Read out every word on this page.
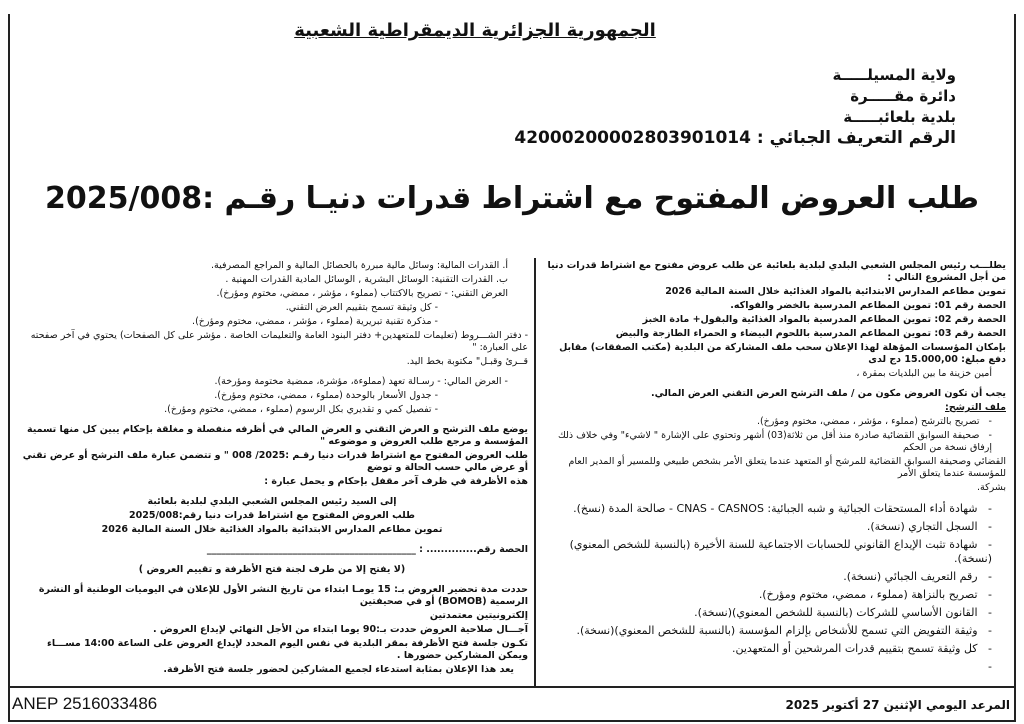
الجمهورية الجزائرية الديمقراطية الشعبية
ولاية المسيلـــــة
دائرة مقـــــرة
بلدية بلعائبـــــة
الرقم التعريف الجبائي : 42000200002803901014
طلب العروض المفتوح مع اشتراط قدرات دنيـا رقـم :2025/008
أ. القدرات المالية: وسائل مالية مبررة بالحصائل المالية و المراجع المصرفية.
ب. القدرات التقنية: الوسائل البشرية , الوسائل المادية القدرات المهنية .
العرض التقني: - تصريح بالاكتتاب (مملوء ، مؤشر ، ممضي، مختوم ومؤرخ).
- كل وثيقة تسمح بتقييم العرض التقني.
- مذكرة تقنية تبريرية (مملوء ، مؤشر ، ممضي، مختوم ومؤرخ).
- دفتر الشـــروط (تعليمات للمتعهدين+ دفتر البنود العامة والتعليمات الخاصة . مؤشر على كل الصفحات) يحتوي في آخر صفحته على العبارة: "
قــرئ وقبـل" مكتوبة بخط اليد.
- العرض المالي: - رسـالة تعهد (مملوءة، مؤشرة، ممضية مختومة ومؤرخة).
- جدول الأسعار بالوحدة (مملوء ، ممضي، مختوم ومؤرخ).
- تفصيل كمي و تقديري بكل الرسوم (مملوء ، ممضي، مختوم ومؤرخ).
يوضع ملف الترشح و العرض التقني و العرض المالي في أظرفه منفصلة و مغلقة بإحكام يبين كل منها تسمية المؤسسة و مرجع طلب العروض و موضوعه "
طلب العروض المفتوح مع اشتراط قدرات دنيا رقـم :2025/ 008 " و تتضمن عبارة ملف الترشح أو عرض تقني أو عرض مالي حسب الحالة و توضع
هذه الأظرفة في ظرف آخر مقفل بإحكام و يحمل عبارة :
إلى السيد رئيس المجلس الشعبي البلدي لبلدية بلعائبة
طلب العروض المفتوح مع اشتراط قدرات دنيا رقم:2025/008
تموين مطاعم المدارس الابتدائية بالمواد الغذائية خلال السنة المالية 2026
الحصة رقم.............. : ____________________________________________
(لا يفتح إلا من طرف لجنة فتح الأظرفة و تقييم العروض )
حددت مدة تحضير العروض بـ: 15 يومـا ابتداء من تاريخ النشر الأول للإعلان في اليوميات الوطنية أو النشرة الرسمية (BOMOB) أو في صحيفتين
إلكترونيتين معتمدتين
آجـــال صلاحية العروض حددت بـ:90 يوما ابتداء من الأجل النهائي لإيداع العروض .
تكـون جلسة فتح الأظرفة بمقر البلدية في نفس اليوم المحدد لإيداع العروض على الساعة 14:00 مســـاء ويمكن المشاركين حضورها .
يعد هذا الإعلان بمثابة استدعاء لجميع المشاركين لحضور جلسة فتح الأظرفة.
يطلـــب رئيس المجلس الشعبي البلدي لبلدية بلعائبة عن طلب عروض مفتوح مع اشتراط قدرات دنيا من أجل المشروع التالي :
تموين مطاعم المدارس الابتدائية بالمواد الغذائية خلال السنة المالية 2026
الحصة رقم 01: تموين المطاعم المدرسية بالخضر والفواكه.
الحصة رقم 02: تموين المطاعم المدرسية بالمواد الغذائية والبقول+ مادة الخبز
الحصة رقم 03: تموين المطاعم المدرسية باللحوم البيضاء و الحمراء الطازجة والبيض
بإمكان المؤسسات المؤهلة لهذا الإعلان سحب ملف المشاركة من البلدية (مكتب الصفقات) مقابل دفع مبلغ: 15.000,00 دج لدى
أمين خزينة ما بين البلديات بمقرة ،
يجب أن تكون العروض مكون من / ملف الترشح العرض التقني العرض المالي.
ملف الترشح:
-   تصريح بالترشح (مملوء ، مؤشر ، ممضي، مختوم ومؤرخ).
-   صحيفة السوابق القضائية صادرة منذ أقل من ثلاثة(03) أشهر وتحتوي على الإشارة " لاشيء" وفي خلاف ذلك إرفاق نسخة من الحكم
القضائي وصحيفة السوابق القضائية للمرشح أو المتعهد عندما يتعلق الأمر بشخص طبيعي وللمسير أو المدير العام للمؤسسة عندما يتعلق الأمر
بشركة.
-   شهادة أداء المستحقات الجبائية و شبه الجبائية: CNAS - CASNOS - صالحة المدة (نسخ).
-   السجل التجاري (نسخة).
-   شهادة تثبت الإيداع القانوني للحسابات الاجتماعية للسنة الأخيرة (بالنسبة للشخص المعنوي)(نسخة).
-   رقم التعريف الجبائي (نسخة).
-   تصريح بالنزاهة (مملوء ، ممضي، مختوم ومؤرخ).
-   القانون الأساسي للشركات (بالنسبة للشخص المعنوي)(نسخة).
-   وثيقة التفويض التي تسمح للأشخاص بإلزام المؤسسة (بالنسبة للشخص المعنوي)(نسخة).
-   كل وثيقة تسمح بتقييم قدرات المرشحين أو المتعهدين.
-
ANEP 2516033486	المرعد اليومي الإثنين 27 أكتوبر 2025
